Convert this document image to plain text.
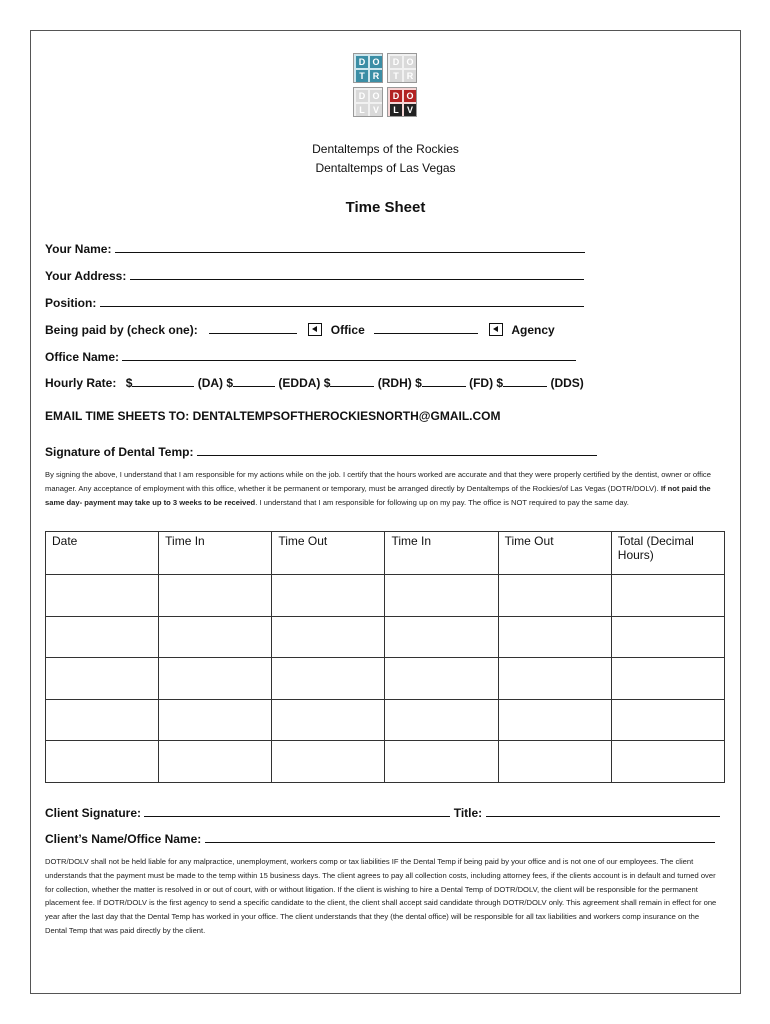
D O
T R
D O
T R
D O
L V
D O
L V
Dentaltemps of the Rockies
Dentaltemps of Las Vegas
Time Sheet
Your Name:
Your Address:
Position:
Being paid by (check one):	Office	Agency
Office Name:
Hourly Rate: $	(DA) $	(EDDA) $	(RDH) $	(FD) $	(DDS)
EMAIL TIME SHEETS TO: DENTALTEMPSOFTHEROCKIESNORTH@GMAIL.COM
Signature of Dental Temp:
By signing the above, I understand that I am responsible for my actions while on the job. I certify that the hours worked are accurate and that they were properly certified by the dentist, owner or office manager. Any acceptance of employment with this office, whether it be permanent or temporary, must be arranged directly by Dentaltemps of the Rockies/of Las Vegas (DOTR/DOLV). If not paid the same day- payment may take up to 3 weeks to be received. I understand that I am responsible for following up on my pay. The office is NOT required to pay the same day.
Date	Time In	Time Out	Time In	Time Out	Total (Decimal Hours)

Client Signature:	Title:
Client’s Name/Office Name:
DOTR/DOLV shall not be held liable for any malpractice, unemployment, workers comp or tax liabilities IF the Dental Temp if being paid by your office and is not one of our employees. The client understands that the payment must be made to the temp within 15 business days. The client agrees to pay all collection costs, including attorney fees, if the clients account is in default and turned over for collection, whether the matter is resolved in or out of court, with or without litigation. If the client is wishing to hire a Dental Temp of DOTR/DOLV, the client will be responsible for the permanent placement fee. If DOTR/DOLV is the first agency to send a specific candidate to the client, the client shall accept said candidate through DOTR/DOLV only. This agreement shall remain in effect for one year after the last day that the Dental Temp has worked in your office. The client understands that they (the dental office) will be responsible for all tax liabilities and workers comp insurance on the Dental Temp that was paid directly by the client.
